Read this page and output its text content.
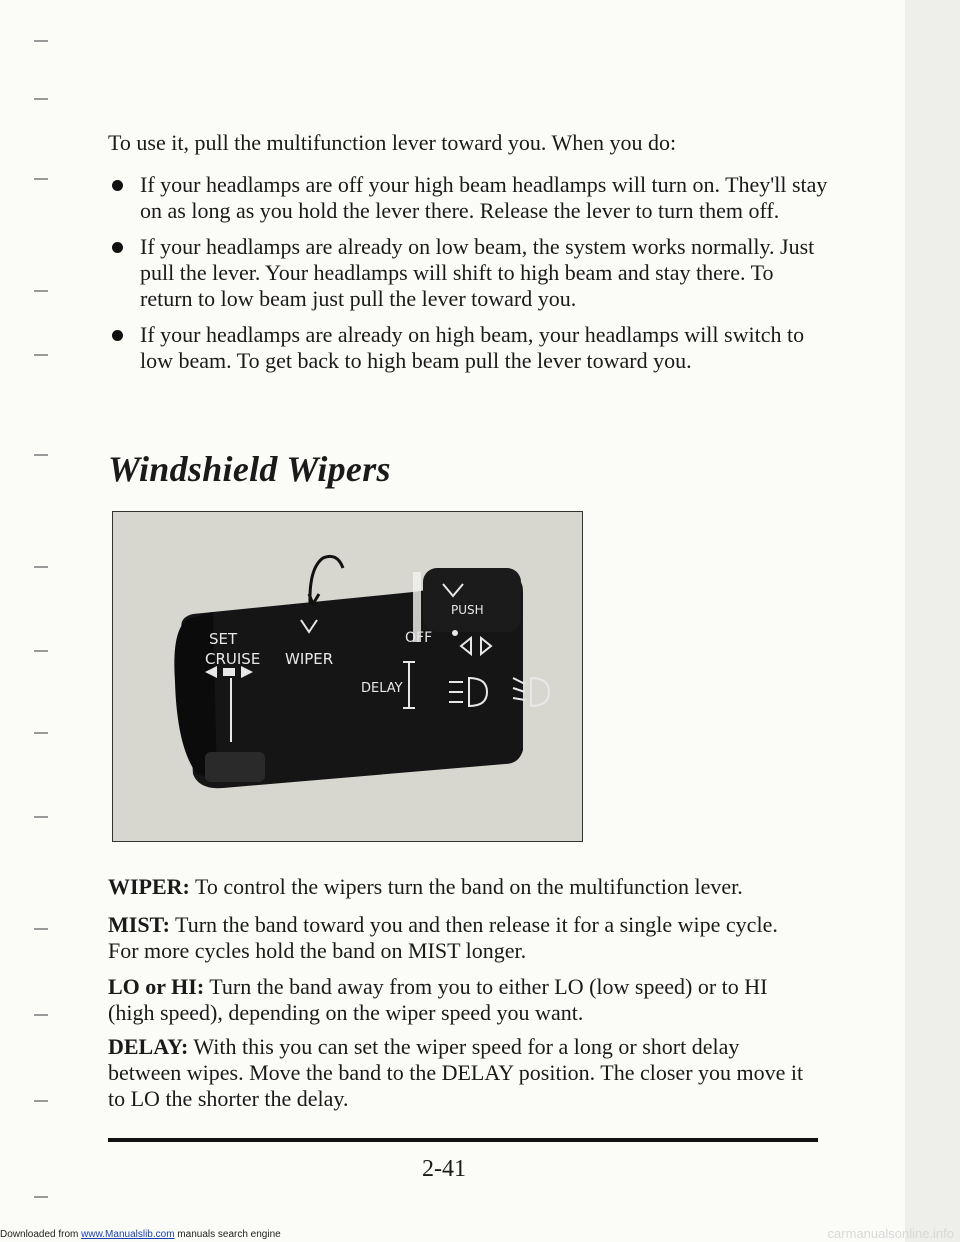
To use it, pull the multifunction lever toward you. When you do:

If your headlamps are off your high beam headlamps will turn on. They'll stay on as long as you hold the lever there. Release the lever to turn them off.
If your headlamps are already on low beam, the system works normally. Just pull the lever. Your headlamps will shift to high beam and stay there. To return to low beam just pull the lever toward you.
If your headlamps are already on high beam, your headlamps will switch to low beam. To get back to high beam pull the lever toward you.
Windshield Wipers

WIPER: To control the wipers turn the band on the multifunction lever.

MIST: Turn the band toward you and then release it for a single wipe cycle. For more cycles hold the band on MIST longer.

LO or HI: Turn the band away from you to either LO (low speed) or to HI (high speed), depending on the wiper speed you want.

DELAY: With this you can set the wiper speed for a long or short delay between wipes. Move the band to the DELAY position. The closer you move it to LO the shorter the delay.

SET
CRUISE WIPER
OFF
DELAY
PUSH
2-41
Downloaded from www.Manualslib.com manuals search engine	carmanualsonline.info
